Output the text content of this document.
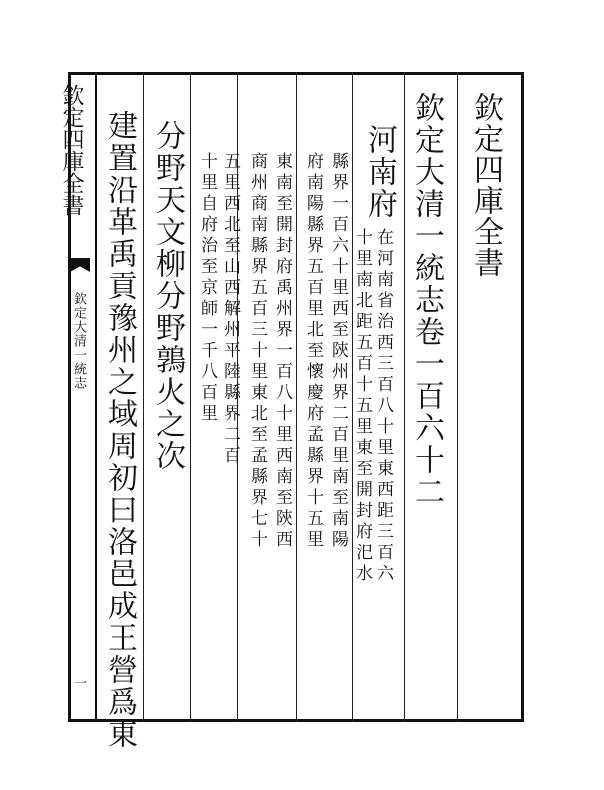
欽定四庫全書
欽定大清一統志卷一百六十二
河南府
在河南省治西三百八十里東西距三百六
十里南北距五百十五里東至開封府汜水
縣界一百六十里西至陝州界二百里南至南陽
府南陽縣界五百里北至懷慶府孟縣界十五里
東南至開封府禹州界一百八十里西南至陝西
商州商南縣界五百三十里東北至孟縣界七十
五里西北至山西解州平陸縣界二百
十里自府治至京師一千八百里
分野天文柳分野鶉火之次
建置沿革禹貢豫州之域周初曰洛邑成王營爲東
欽定四庫全書
欽定大清一統志
一
